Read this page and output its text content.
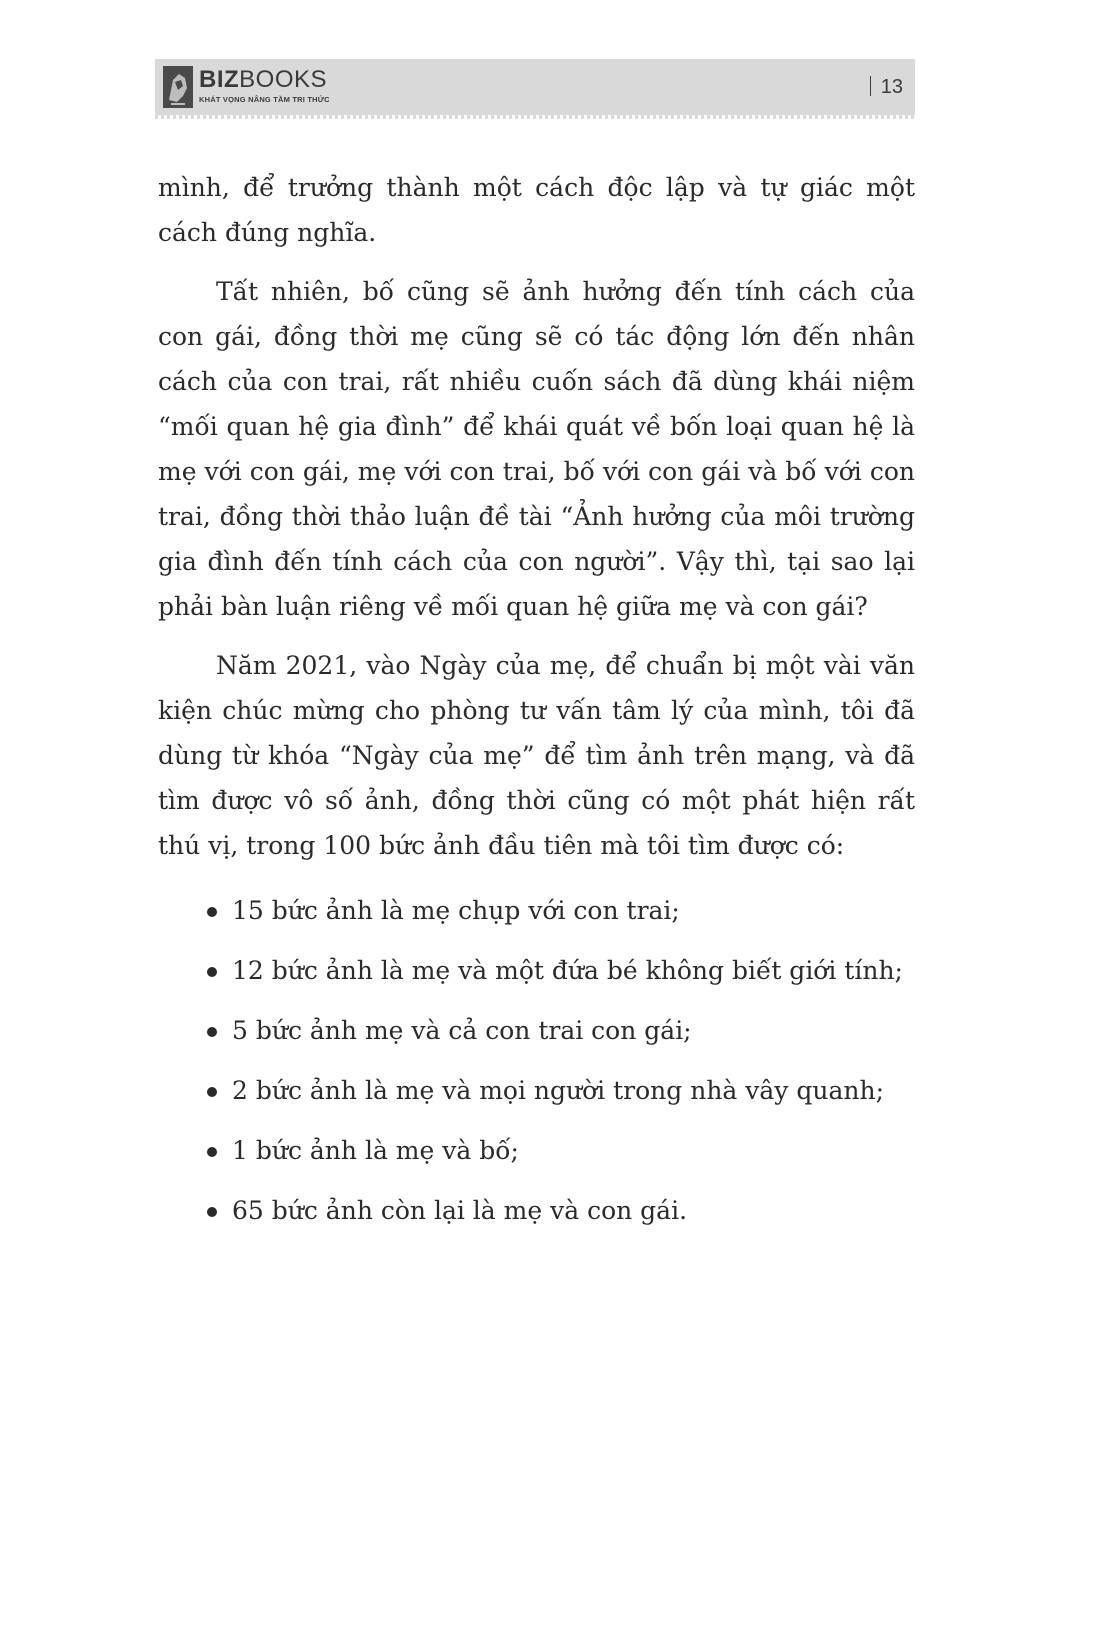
BIZBOOKS
KHÁT VỌNG NÂNG TẦM TRI THỨC
13

mình, để trưởng thành một cách độc lập và tự giác một cách đúng nghĩa.

Tất nhiên, bố cũng sẽ ảnh hưởng đến tính cách của con gái, đồng thời mẹ cũng sẽ có tác động lớn đến nhân cách của con trai, rất nhiều cuốn sách đã dùng khái niệm “mối quan hệ gia đình” để khái quát về bốn loại quan hệ là mẹ với con gái, mẹ với con trai, bố với con gái và bố với con trai, đồng thời thảo luận đề tài “Ảnh hưởng của môi trường gia đình đến tính cách của con người”. Vậy thì, tại sao lại phải bàn luận riêng về mối quan hệ giữa mẹ và con gái?

Năm 2021, vào Ngày của mẹ, để chuẩn bị một vài văn kiện chúc mừng cho phòng tư vấn tâm lý của mình, tôi đã dùng từ khóa “Ngày của mẹ” để tìm ảnh trên mạng, và đã tìm được vô số ảnh, đồng thời cũng có một phát hiện rất thú vị, trong 100 bức ảnh đầu tiên mà tôi tìm được có:

15 bức ảnh là mẹ chụp với con trai;
12 bức ảnh là mẹ và một đứa bé không biết giới tính;
5 bức ảnh mẹ và cả con trai con gái;
2 bức ảnh là mẹ và mọi người trong nhà vây quanh;
1 bức ảnh là mẹ và bố;
65 bức ảnh còn lại là mẹ và con gái.
